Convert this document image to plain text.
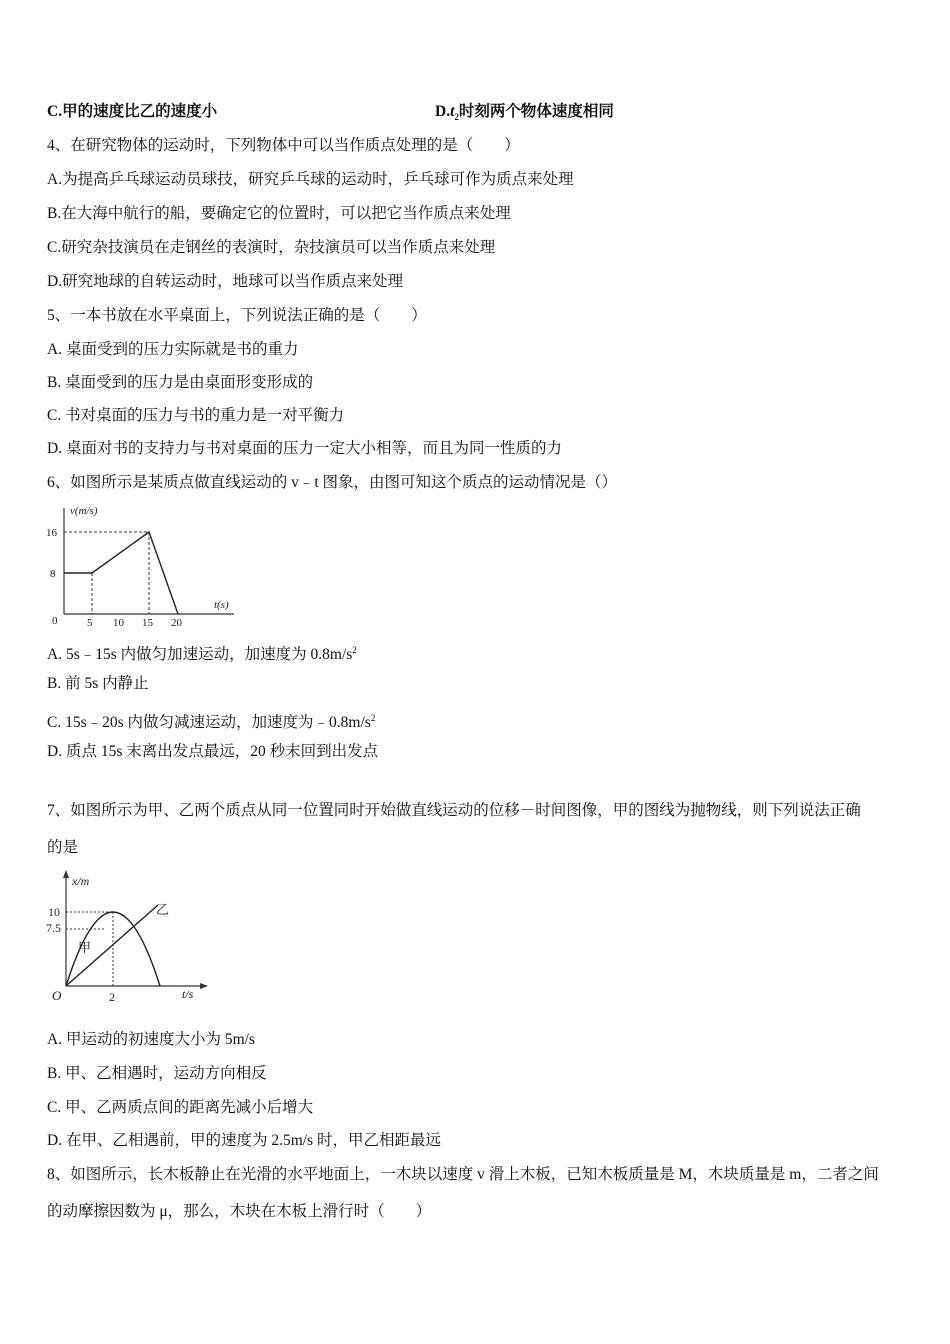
C.甲的速度比乙的速度小	$D.t_2$时刻两个物体速度相同
4、在研究物体的运动时，下列物体中可以当作质点处理的是（　　）
A.为提高乒乓球运动员球技，研究乒乓球的运动时，乒乓球可作为质点来处理
B.在大海中航行的船，要确定它的位置时，可以把它当作质点来处理
C.研究杂技演员在走钢丝的表演时，杂技演员可以当作质点来处理
D.研究地球的自转运动时，地球可以当作质点来处理
5、一本书放在水平桌面上，下列说法正确的是（　　）
A. 桌面受到的压力实际就是书的重力
B. 桌面受到的压力是由桌面形变形成的
C. 书对桌面的压力与书的重力是一对平衡力
D. 桌面对书的支持力与书对桌面的压力一定大小相等，而且为同一性质的力
6、如图所示是某质点做直线运动的 v﹣t 图象，由图可知这个质点的运动情况是（）
v(m/s)
t(s)
0
16
8
5 10 15 20
A. 5s﹣15s 内做匀加速运动，加速度为 $0.8m/s^2$
B. 前 5s 内静止
C. 15s﹣20s 内做匀减速运动，加速度为$﹣0.8m/s^2$
D. 质点 15s 末离出发点最远，20 秒末回到出发点
7、如图所示为甲、乙两个质点从同一位置同时开始做直线运动的位移－时间图像，甲的图线为抛物线，则下列说法正确
的是
x/m
t/s
O
10
7.5
2
甲
乙
A. 甲运动的初速度大小为 5m/s
B. 甲、乙相遇时，运动方向相反
C. 甲、乙两质点间的距离先减小后增大
D. 在甲、乙相遇前，甲的速度为 2.5m/s 时，甲乙相距最远
8、如图所示，长木板静止在光滑的水平地面上，一木块以速度 v 滑上木板，已知木板质量是 M，木块质量是 m，二者之间
的动摩擦因数为 μ，那么，木块在木板上滑行时（　　）
